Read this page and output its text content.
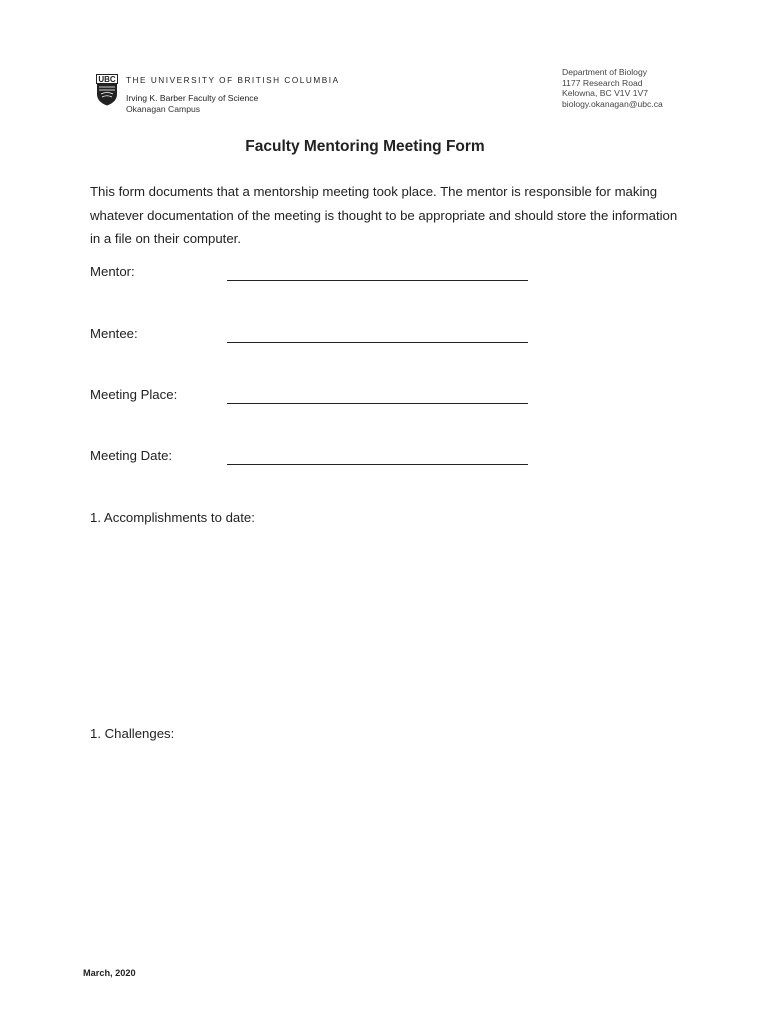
UBC THE UNIVERSITY OF BRITISH COLUMBIA
Irving K. Barber Faculty of Science
Okanagan Campus
Department of Biology
1177 Research Road
Kelowna, BC V1V 1V7
biology.okanagan@ubc.ca
Faculty Mentoring Meeting Form
This form documents that a mentorship meeting took place. The mentor is responsible for making whatever documentation of the meeting is thought to be appropriate and should store the information in a file on their computer.
Mentor:
Mentee:
Meeting Place:
Meeting Date:
1. Accomplishments to date:
1. Challenges:
March, 2020
